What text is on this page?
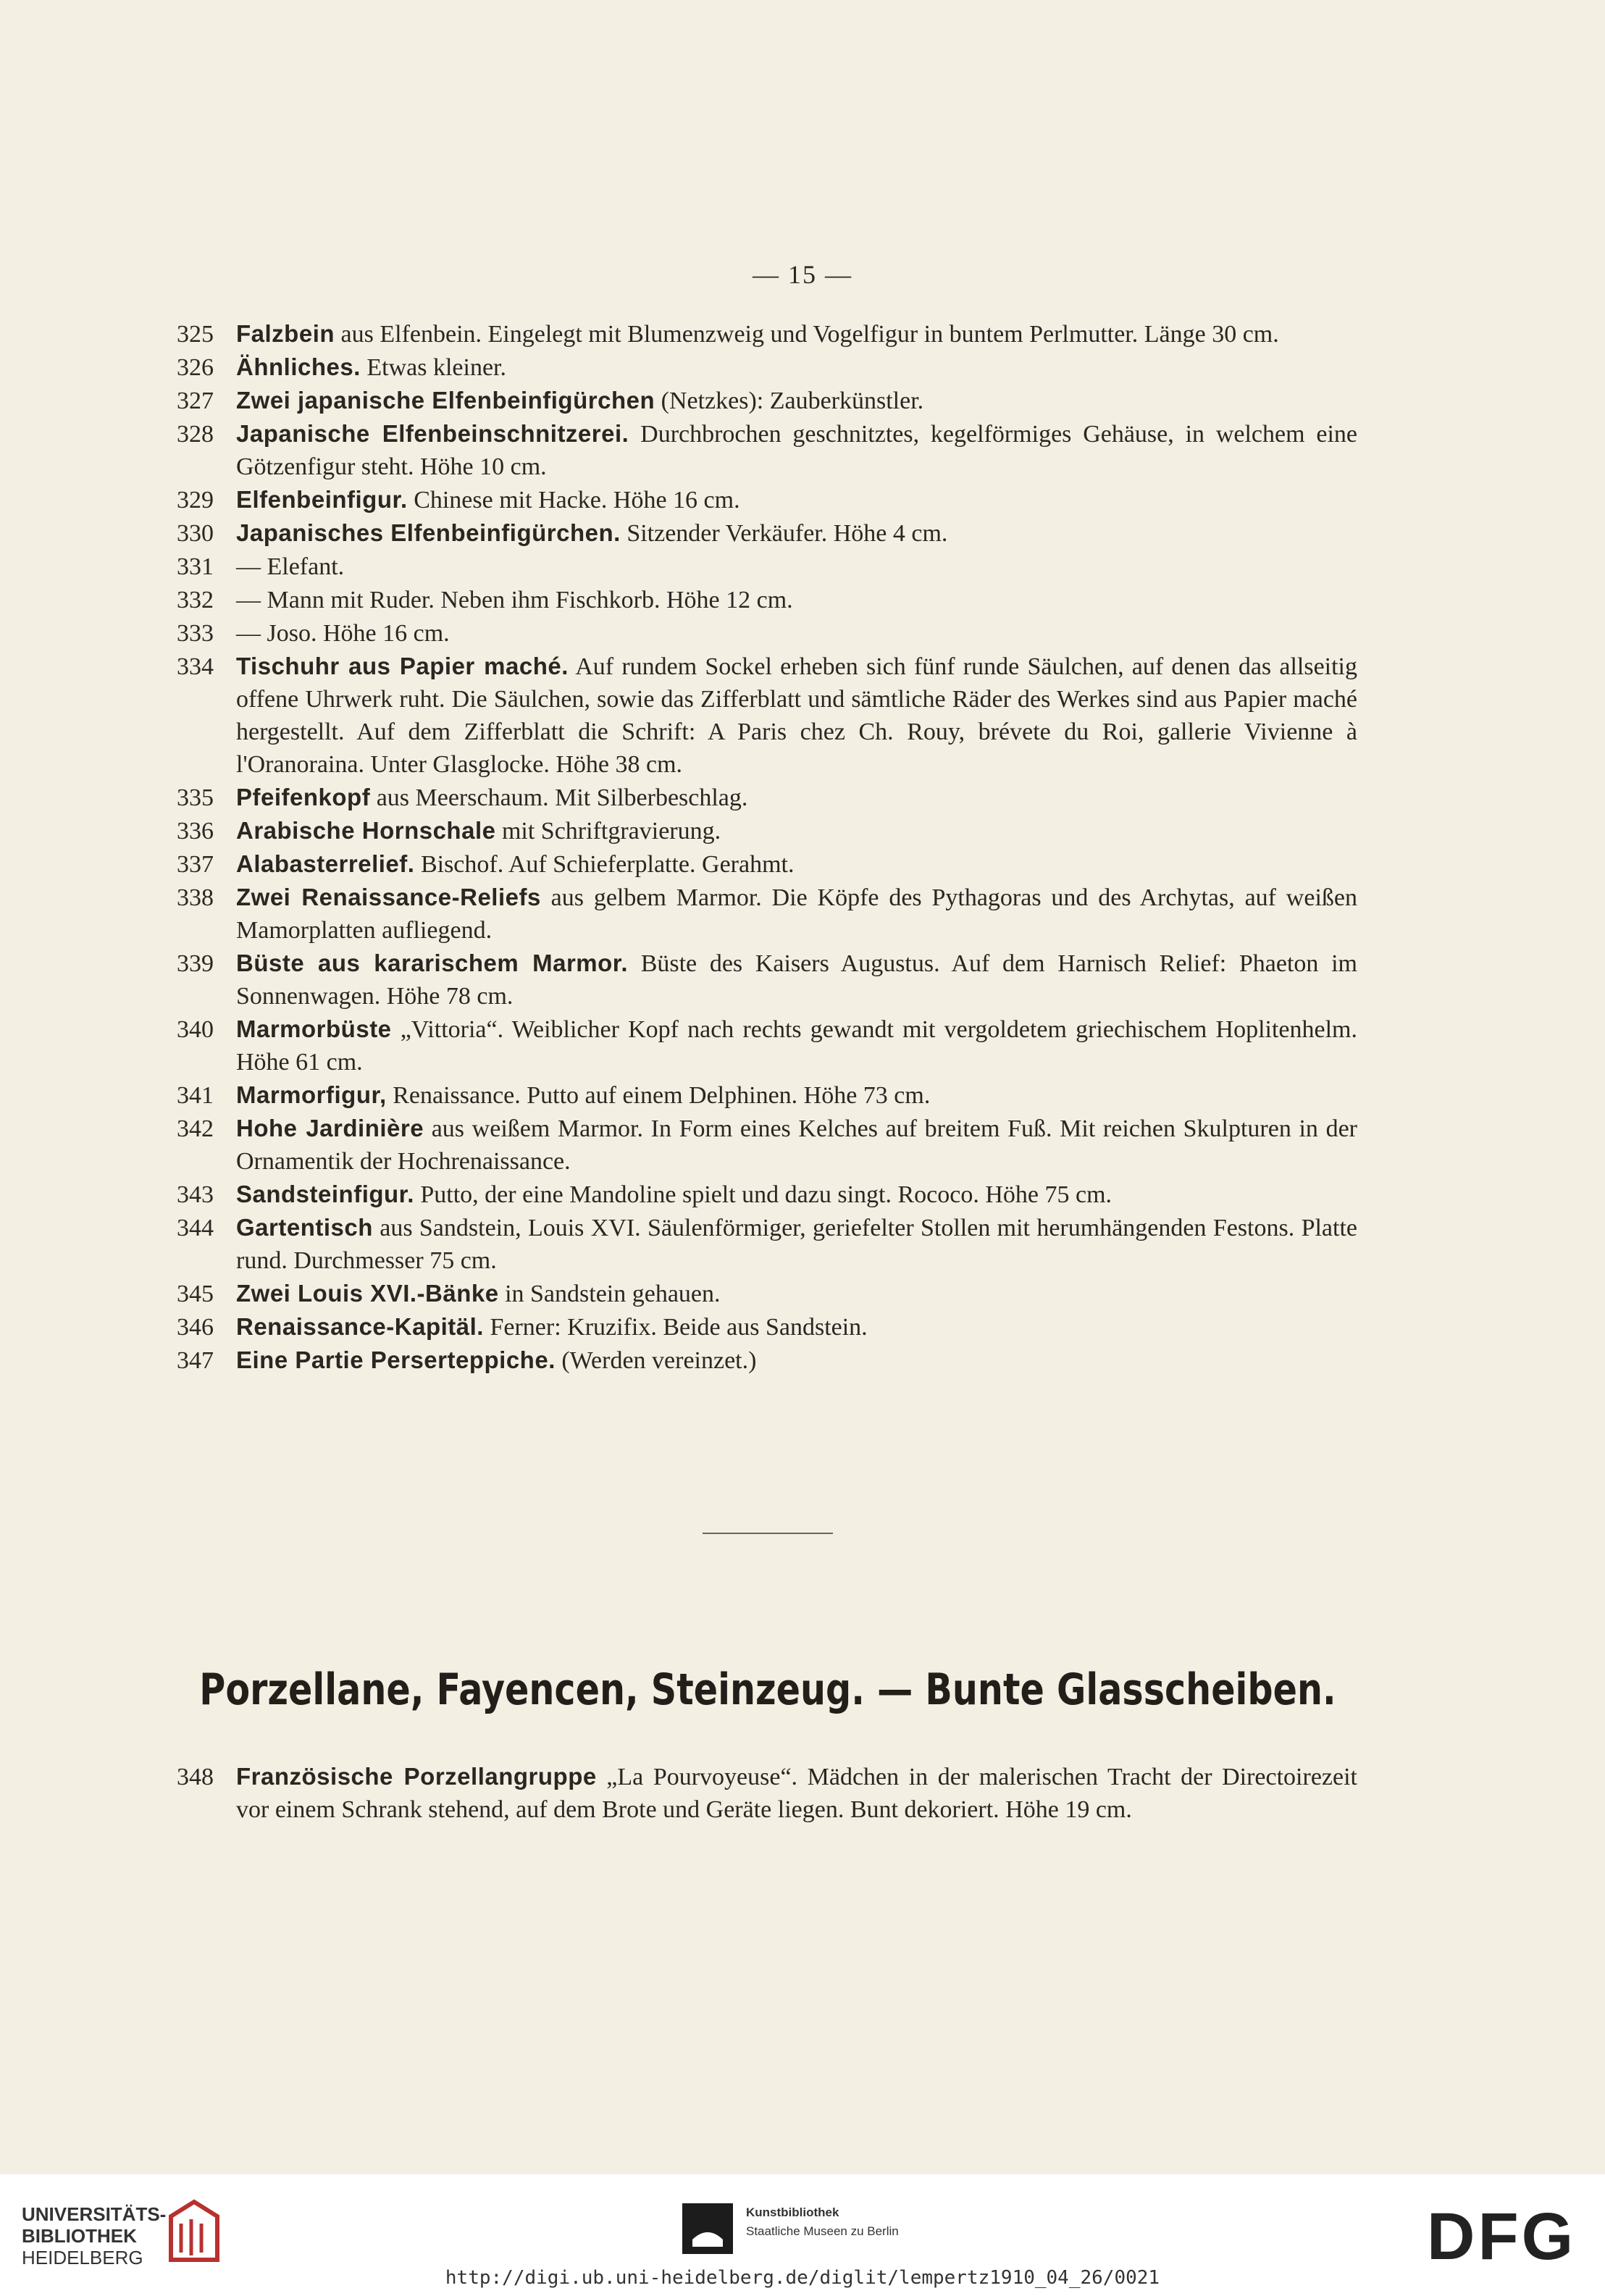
— 15 —
325 Falzbein aus Elfenbein. Eingelegt mit Blumenzweig und Vogelfigur in buntem Perlmutter. Länge 30 cm.
326 Ähnliches. Etwas kleiner.
327 Zwei japanische Elfenbeinfigürchen (Netzkes): Zauberkünstler.
328 Japanische Elfenbeinschnitzerei. Durchbrochen geschnitztes, kegelförmiges Gehäuse, in welchem eine Götzenfigur steht. Höhe 10 cm.
329 Elfenbeinfigur. Chinese mit Hacke. Höhe 16 cm.
330 Japanisches Elfenbeinfigürchen. Sitzender Verkäufer. Höhe 4 cm.
331 — Elefant.
332 — Mann mit Ruder. Neben ihm Fischkorb. Höhe 12 cm.
333 — Joso. Höhe 16 cm.
334 Tischuhr aus Papier maché. Auf rundem Sockel erheben sich fünf runde Säulchen, auf denen das allseitig offene Uhrwerk ruht. Die Säulchen, sowie das Zifferblatt und sämtliche Räder des Werkes sind aus Papier maché hergestellt. Auf dem Zifferblatt die Schrift: A Paris chez Ch. Rouy, brévete du Roi, gallerie Vivienne à l'Oranoraina. Unter Glasglocke. Höhe 38 cm.
335 Pfeifenkopf aus Meerschaum. Mit Silberbeschlag.
336 Arabische Hornschale mit Schriftgravierung.
337 Alabasterrelief. Bischof. Auf Schieferplatte. Gerahmt.
338 Zwei Renaissance-Reliefs aus gelbem Marmor. Die Köpfe des Pythagoras und des Archytas, auf weißen Mamorplatten aufliegend.
339 Büste aus kararischem Marmor. Büste des Kaisers Augustus. Auf dem Harnisch Relief: Phaeton im Sonnenwagen. Höhe 78 cm.
340 Marmorbüste „Vittoria“. Weiblicher Kopf nach rechts gewandt mit vergoldetem griechischem Hoplitenhelm. Höhe 61 cm.
341 Marmorfigur, Renaissance. Putto auf einem Delphinen. Höhe 73 cm.
342 Hohe Jardinière aus weißem Marmor. In Form eines Kelches auf breitem Fuß. Mit reichen Skulpturen in der Ornamentik der Hochrenaissance.
343 Sandsteinfigur. Putto, der eine Mandoline spielt und dazu singt. Rococo. Höhe 75 cm.
344 Gartentisch aus Sandstein, Louis XVI. Säulenförmiger, geriefelter Stollen mit herumhängenden Festons. Platte rund. Durchmesser 75 cm.
345 Zwei Louis XVI.-Bänke in Sandstein gehauen.
346 Renaissance-Kapitäl. Ferner: Kruzifix. Beide aus Sandstein.
347 Eine Partie Perserteppiche. (Werden vereinzet.)
Porzellane, Fayencen, Steinzeug. — Bunte Glasscheiben.
348 Französische Porzellangruppe „La Pourvoyeuse“. Mädchen in der malerischen Tracht der Directoirezeit vor einem Schrank stehend, auf dem Brote und Geräte liegen. Bunt dekoriert. Höhe 19 cm.
UNIVERSITÄTS-
BIBLIOTHEK
HEIDELBERG
Kunstbibliothek
Staatliche Museen zu Berlin	DFG
http://digi.ub.uni-heidelberg.de/diglit/lempertz1910_04_26/0021
